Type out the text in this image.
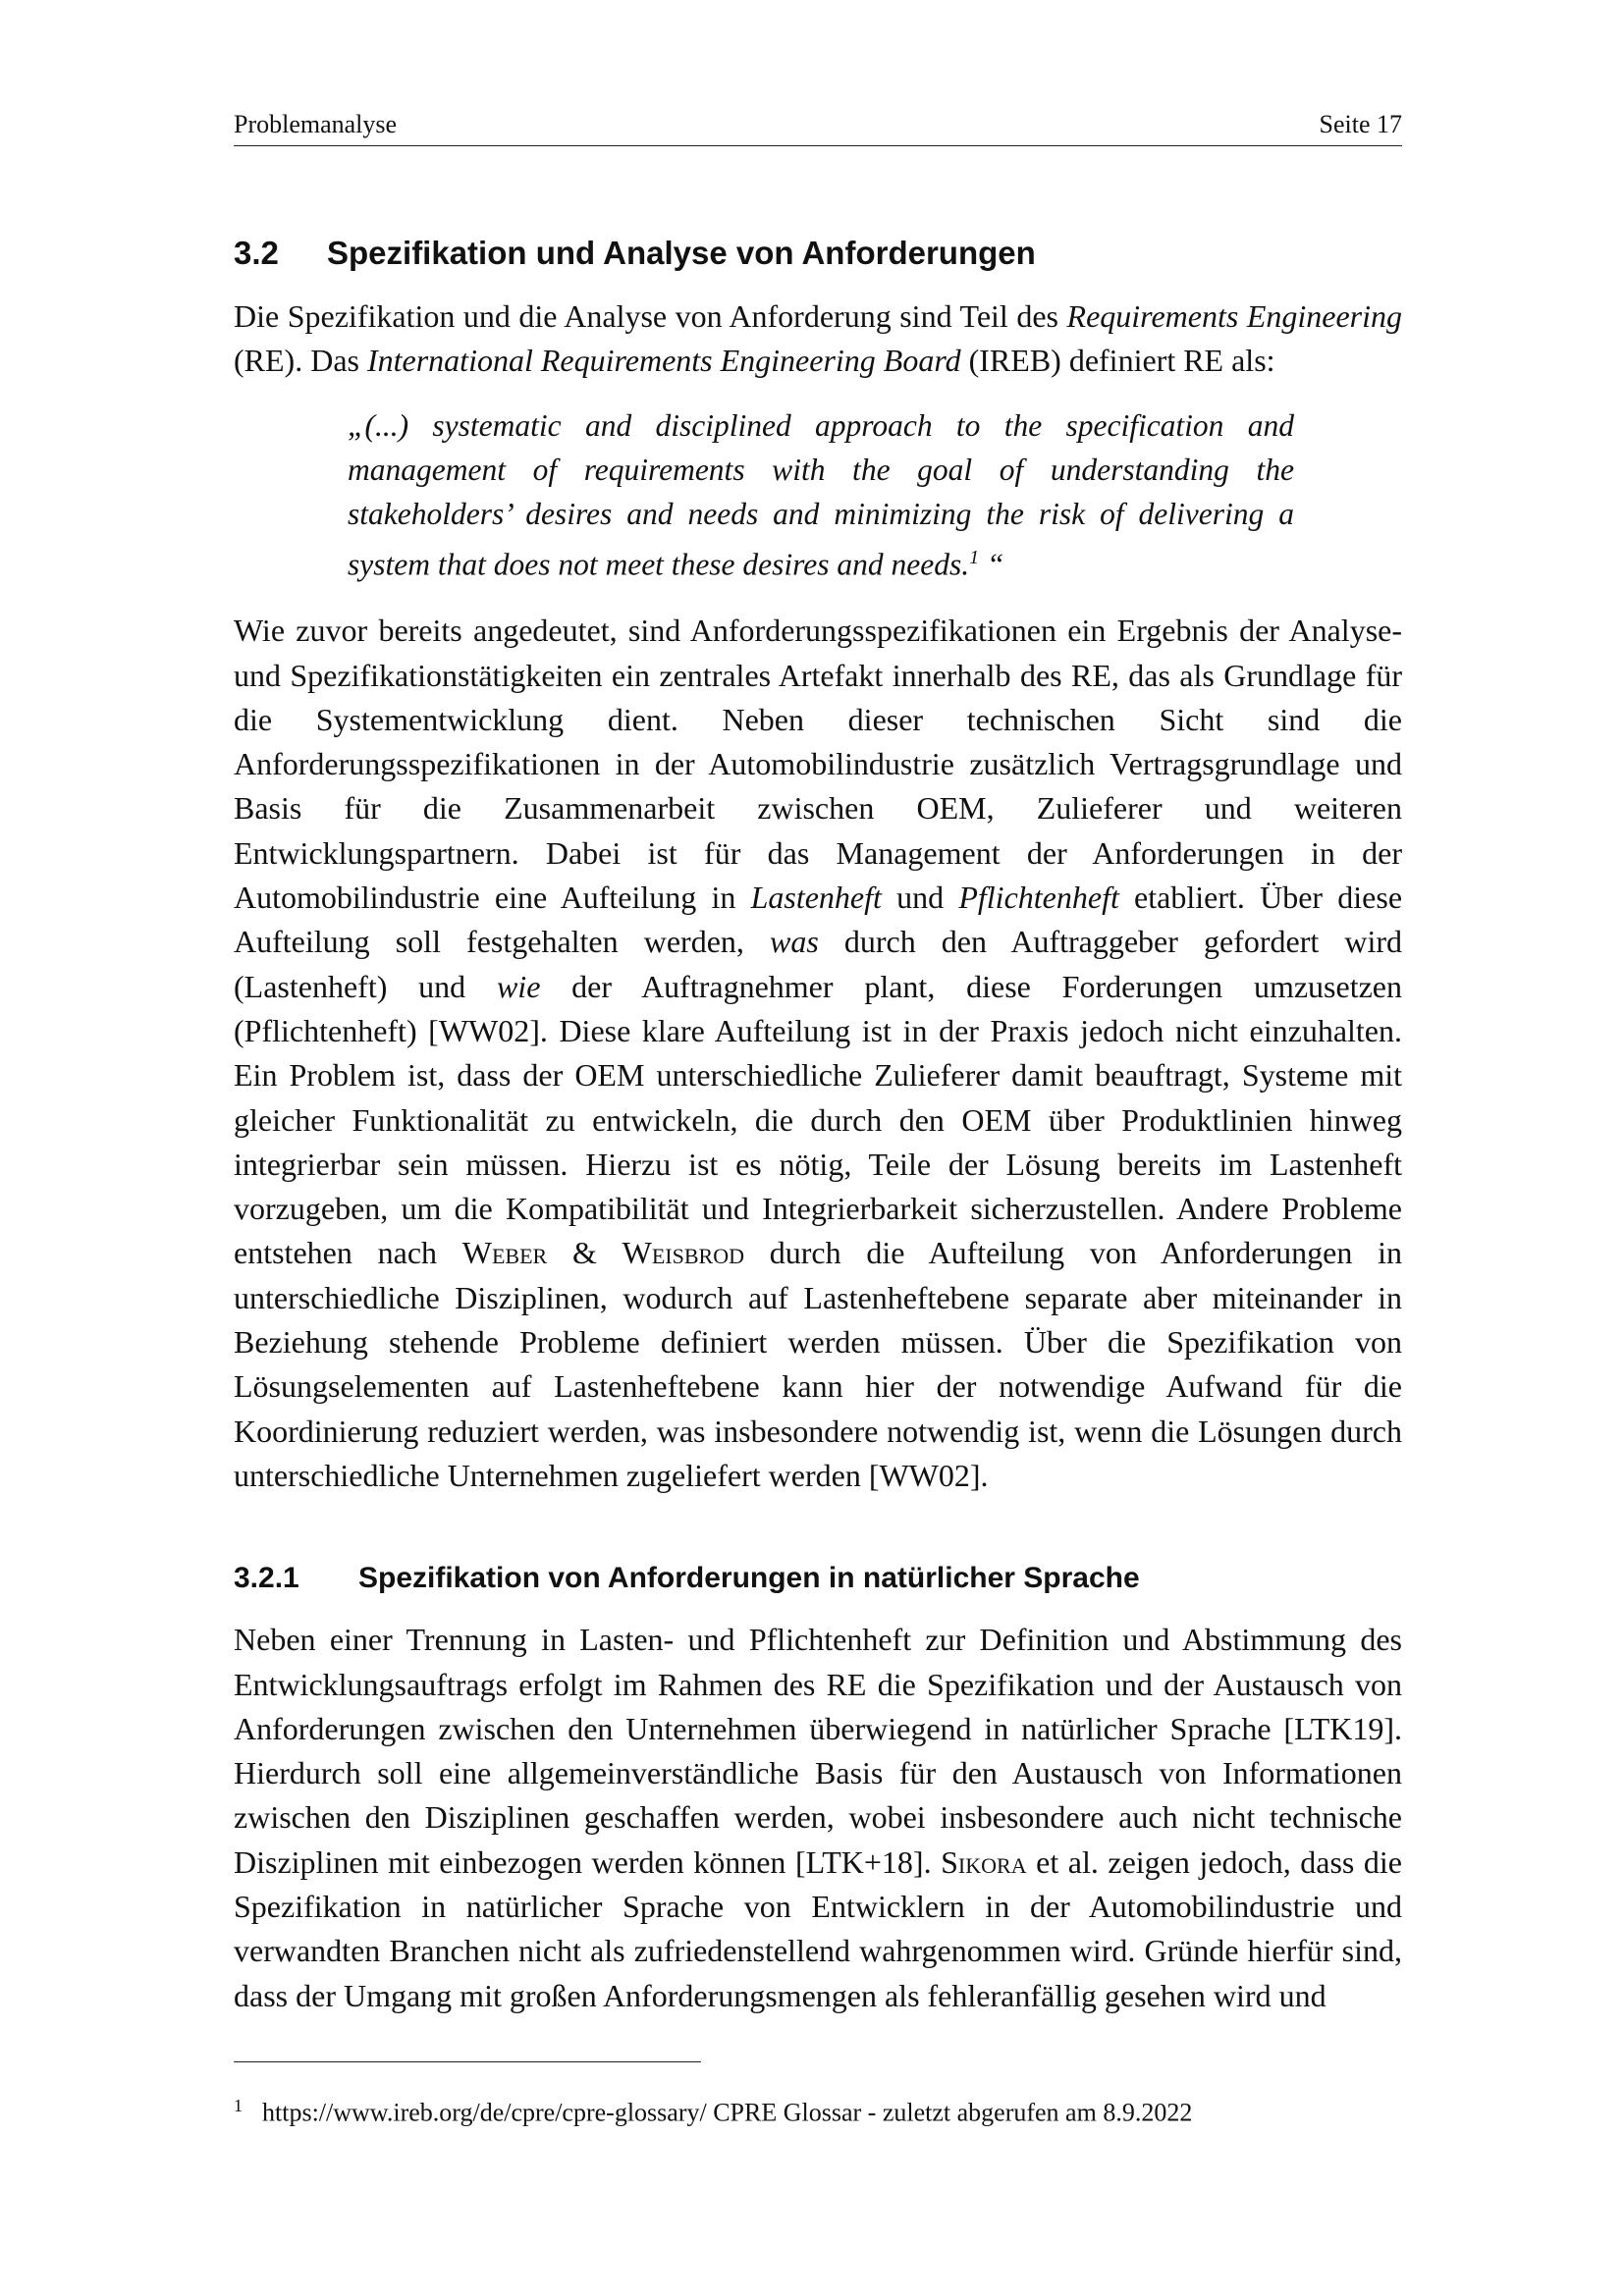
Problemanalyse	Seite 17
3.2 Spezifikation und Analyse von Anforderungen

Die Spezifikation und die Analyse von Anforderung sind Teil des Requirements Engineering (RE). Das International Requirements Engineering Board (IREB) definiert RE als:

„(...) systematic and disciplined approach to the specification and management of requirements with the goal of understanding the stakeholders’ desires and needs and minimizing the risk of delivering a system that does not meet these desires and needs.$^1$ “

Wie zuvor bereits angedeutet, sind Anforderungsspezifikationen ein Ergebnis der Analyse- und Spezifikationstätigkeiten ein zentrales Artefakt innerhalb des RE, das als Grundlage für die Systementwicklung dient. Neben dieser technischen Sicht sind die Anforderungsspezifikationen in der Automobilindustrie zusätzlich Vertragsgrundlage und Basis für die Zusammenarbeit zwischen OEM, Zulieferer und weiteren Entwicklungspartnern. Dabei ist für das Management der Anforderungen in der Automobilindustrie eine Aufteilung in Lastenheft und Pflichtenheft etabliert. Über diese Aufteilung soll festgehalten werden, was durch den Auftraggeber gefordert wird (Lastenheft) und wie der Auftragnehmer plant, diese Forderungen umzusetzen (Pflichtenheft) [WW02]. Diese klare Aufteilung ist in der Praxis jedoch nicht einzuhalten. Ein Problem ist, dass der OEM unterschiedliche Zulieferer damit beauftragt, Systeme mit gleicher Funktionalität zu entwickeln, die durch den OEM über Produktlinien hinweg integrierbar sein müssen. Hierzu ist es nötig, Teile der Lösung bereits im Lastenheft vorzugeben, um die Kompatibilität und Integrierbarkeit sicherzustellen. Andere Probleme entstehen nach Weber & Weisbrod durch die Aufteilung von Anforderungen in unterschiedliche Disziplinen, wodurch auf Lastenheftebene separate aber miteinander in Beziehung stehende Probleme definiert werden müssen. Über die Spezifikation von Lösungselementen auf Lastenheftebene kann hier der notwendige Aufwand für die Koordinierung reduziert werden, was insbesondere notwendig ist, wenn die Lösungen durch unterschiedliche Unternehmen zugeliefert werden [WW02].

3.2.1 Spezifikation von Anforderungen in natürlicher Sprache

Neben einer Trennung in Lasten- und Pflichtenheft zur Definition und Abstimmung des Entwicklungsauftrags erfolgt im Rahmen des RE die Spezifikation und der Austausch von Anforderungen zwischen den Unternehmen überwiegend in natürlicher Sprache [LTK19]. Hierdurch soll eine allgemeinverständliche Basis für den Austausch von Informationen zwischen den Disziplinen geschaffen werden, wobei insbesondere auch nicht technische Disziplinen mit einbezogen werden können [LTK+18]. Sikora et al. zeigen jedoch, dass die Spezifikation in natürlicher Sprache von Entwicklern in der Automobilindustrie und verwandten Branchen nicht als zufriedenstellend wahrgenommen wird. Gründe hierfür sind, dass der Umgang mit großen Anforderungsmengen als fehleranfällig gesehen wird und

$^1$ https://www.ireb.org/de/cpre/cpre-glossary/ CPRE Glossar - zuletzt abgerufen am 8.9.2022
